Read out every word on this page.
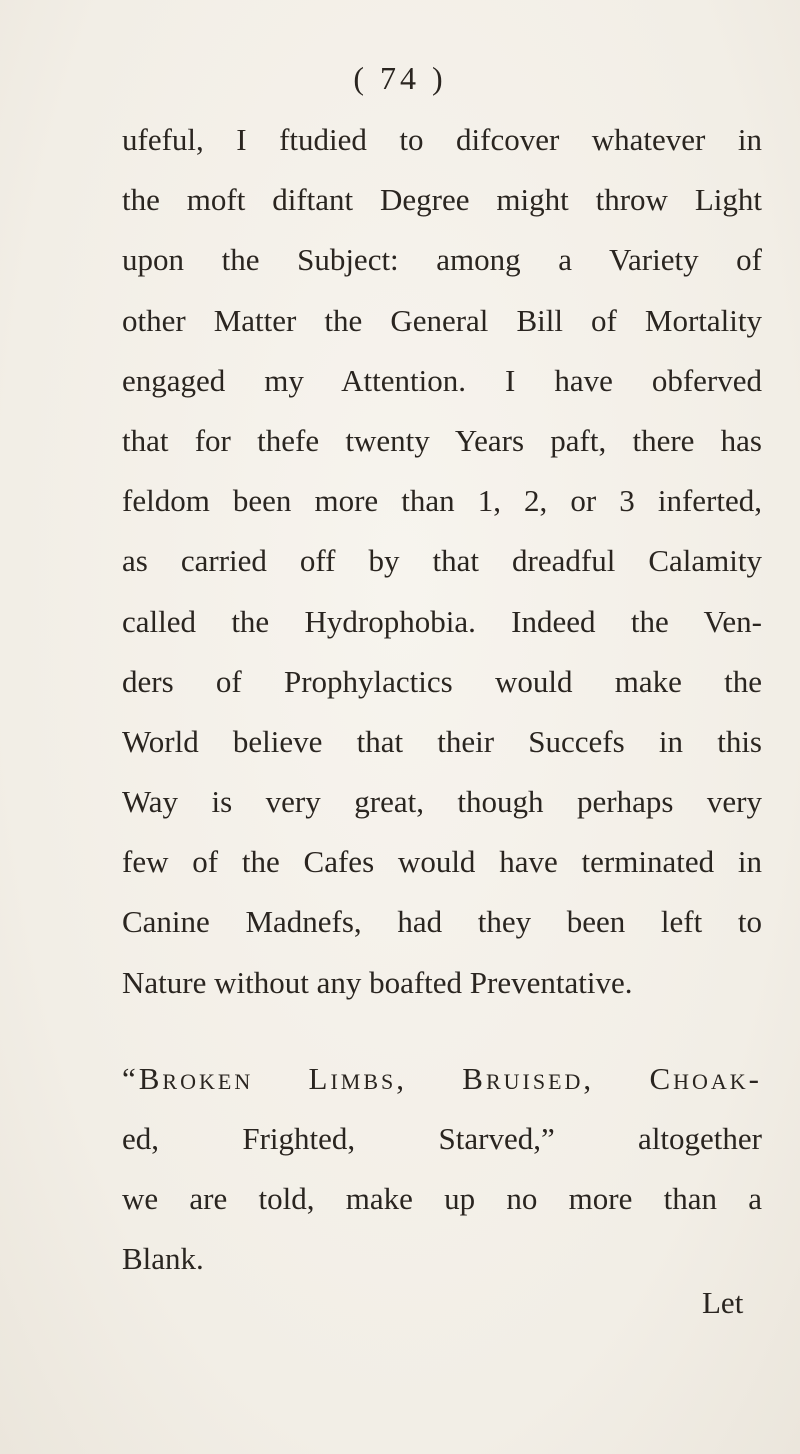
( 74 )
ufeful, I ftudied to difcover whatever in
the moft diftant Degree might throw Light
upon the Subject: among a Variety of
other Matter the General Bill of Mortality
engaged my Attention. I have obferved
that for thefe twenty Years paft, there has
feldom been more than 1, 2, or 3 inferted,
as carried off by that dreadful Calamity
called the Hydrophobia. Indeed the Ven-
ders of Prophylactics would make the
World believe that their Succefs in this
Way is very great, though perhaps very
few of the Cafes would have terminated in
Canine Madnefs, had they been left to
Nature without any boafted Preventative.
“Broken Limbs, Bruised, Choak-
ed, Frighted, Starved,” altogether
we are told, make up no more than a
Blank.
Let
